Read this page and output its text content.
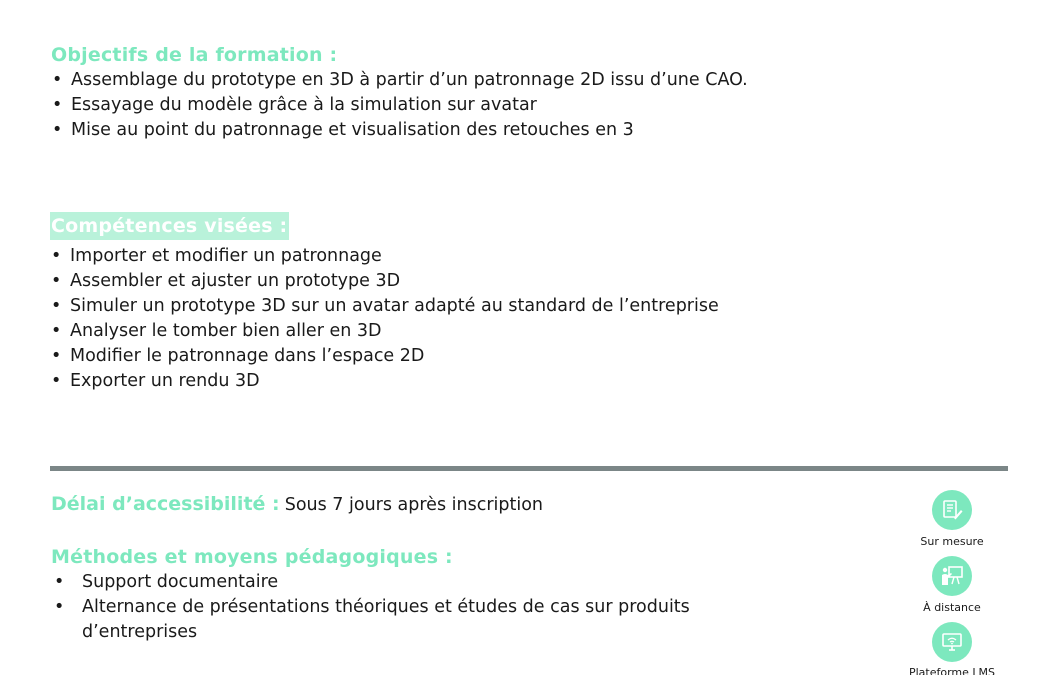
Objectifs de la formation :
• Assemblage du prototype en 3D à partir d’un patronnage 2D issu d’une CAO.
• Essayage du modèle grâce à la simulation sur avatar
• Mise au point du patronnage et visualisation des retouches en 3
Compétences visées :
• Importer et modifier un patronnage
• Assembler et ajuster un prototype 3D
• Simuler un prototype 3D sur un avatar adapté au standard de l’entreprise
• Analyser le tomber bien aller en 3D
• Modifier le patronnage dans l’espace 2D
• Exporter un rendu 3D
Délai d’accessibilité : Sous 7 jours après inscription
Méthodes et moyens pédagogiques :
• Support documentaire
• Alternance de présentations théoriques et études de cas sur produits d’entreprises
Sur mesure
À distance
Plateforme LMS
